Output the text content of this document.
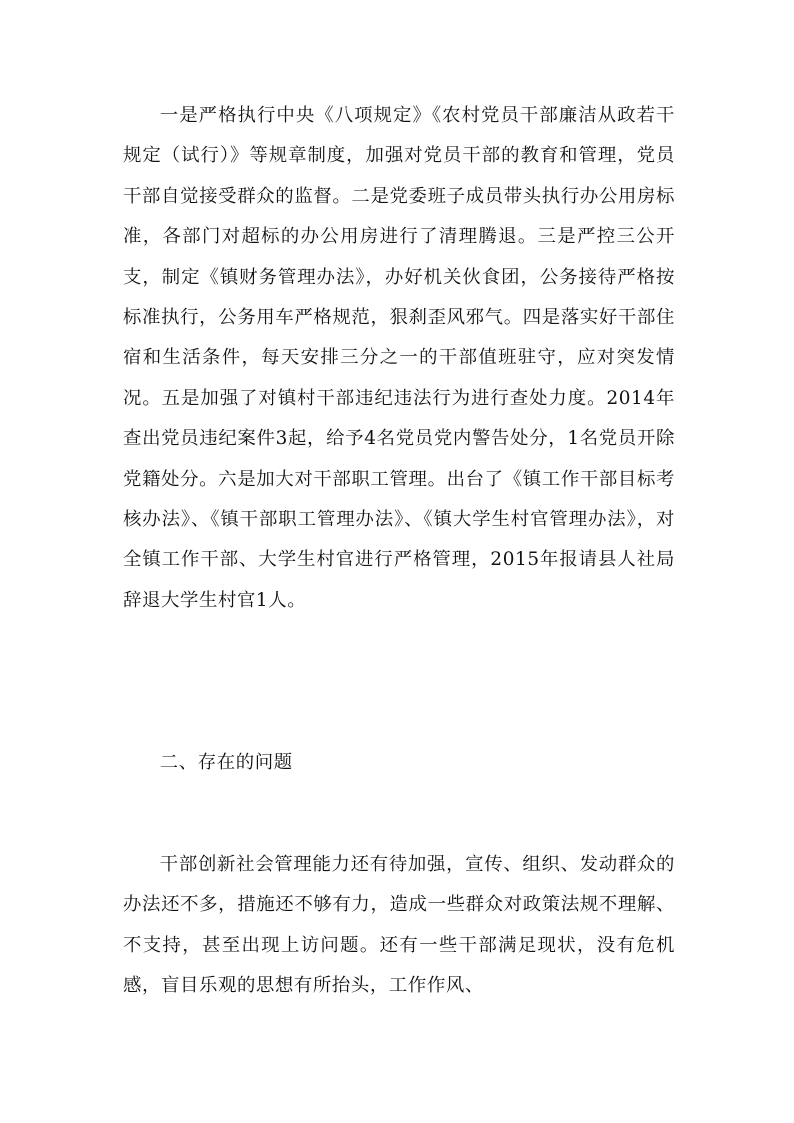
一是严格执行中央《八项规定》《农村党员干部廉洁从政若干规定（试行）》等规章制度，加强对党员干部的教育和管理，党员干部自觉接受群众的监督。二是党委班子成员带头执行办公用房标准，各部门对超标的办公用房进行了清理腾退。三是严控三公开支，制定《镇财务管理办法》，办好机关伙食团，公务接待严格按标准执行，公务用车严格规范，狠刹歪风邪气。四是落实好干部住宿和生活条件，每天安排三分之一的干部值班驻守，应对突发情况。五是加强了对镇村干部违纪违法行为进行查处力度。2014年查出党员违纪案件3起，给予4名党员党内警告处分，1名党员开除党籍处分。六是加大对干部职工管理。出台了《镇工作干部目标考核办法》、《镇干部职工管理办法》、《镇大学生村官管理办法》，对全镇工作干部、大学生村官进行严格管理，2015年报请县人社局辞退大学生村官1人。

二、存在的问题

干部创新社会管理能力还有待加强，宣传、组织、发动群众的办法还不多，措施还不够有力，造成一些群众对政策法规不理解、不支持，甚至出现上访问题。还有一些干部满足现状，没有危机感，盲目乐观的思想有所抬头，工作作风、
